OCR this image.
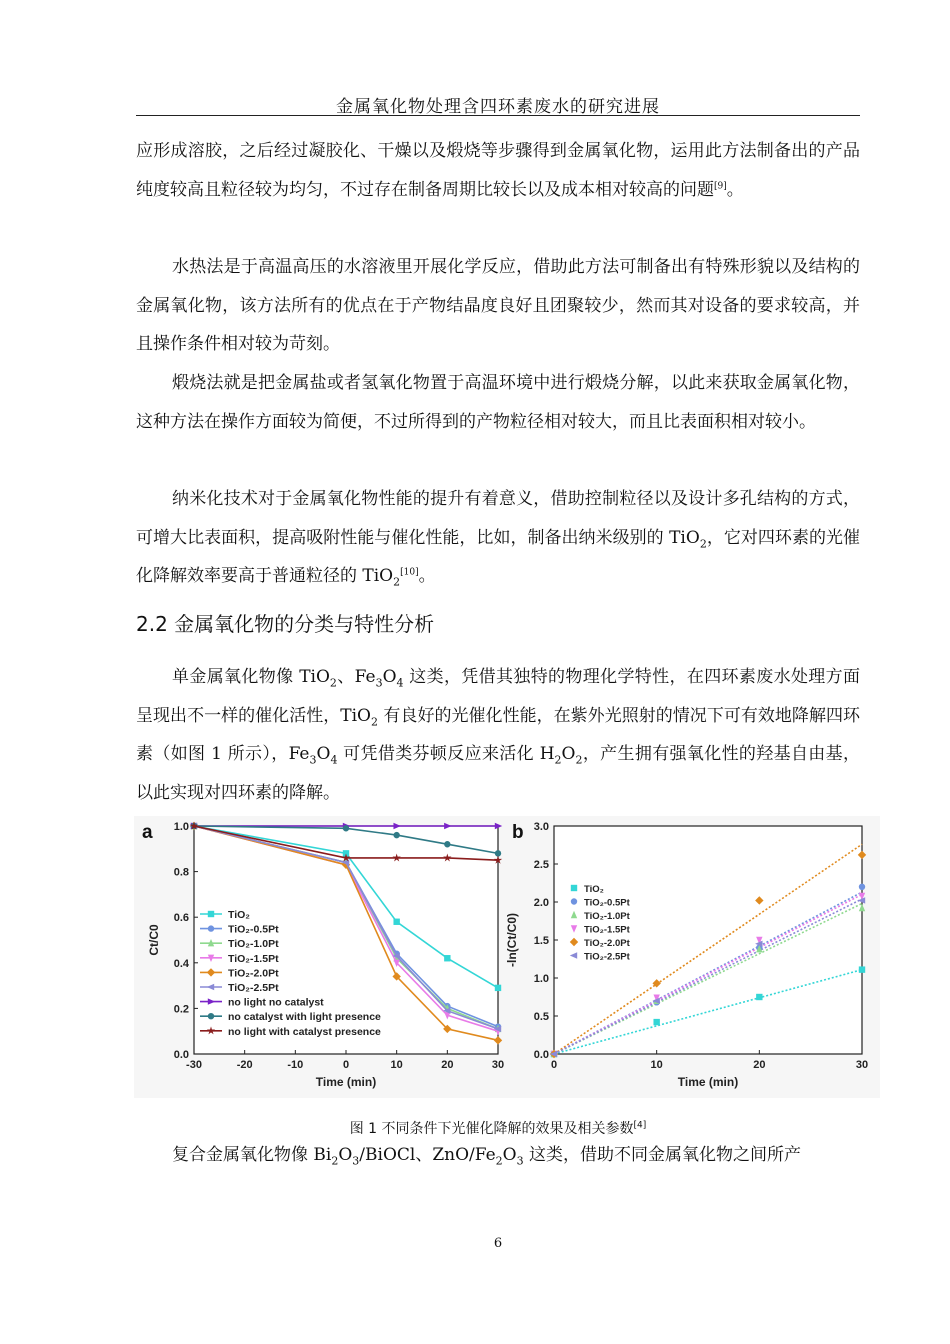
金属氧化物处理含四环素废水的研究进展

应形成溶胶，之后经过凝胶化、干燥以及煅烧等步骤得到金属氧化物，运用此方法制备出的产品纯度较高且粒径较为均匀，不过存在制备周期比较长以及成本相对较高的问题[9]。

水热法是于高温高压的水溶液里开展化学反应，借助此方法可制备出有特殊形貌以及结构的金属氧化物，该方法所有的优点在于产物结晶度良好且团聚较少，然而其对设备的要求较高，并且操作条件相对较为苛刻。

煅烧法就是把金属盐或者氢氧化物置于高温环境中进行煅烧分解，以此来获取金属氧化物，这种方法在操作方面较为简便，不过所得到的产物粒径相对较大，而且比表面积相对较小。

纳米化技术对于金属氧化物性能的提升有着意义，借助控制粒径以及设计多孔结构的方式，可增大比表面积，提高吸附性能与催化性能，比如，制备出纳米级别的 TiO$_2$，它对四环素的光催化降解效率要高于普通粒径的 TiO$_2$[10]。

2.2 金属氧化物的分类与特性分析

单金属氧化物像 TiO$_2$、$Fe_3O_4$ 这类，凭借其独特的物理化学特性，在四环素废水处理方面呈现出不一样的催化活性，TiO$_2$ 有良好的光催化性能，在紫外光照射的情况下可有效地降解四环素（如图 1 所示），$Fe_3O_4$ 可凭借类芬顿反应来活化 $H_2O_2$，产生拥有强氧化性的羟基自由基，以此实现对四环素的降解。

-30	-20	-10	0	10	20	30
0.0
0.2
0.4
0.6
0.8
1.0
Time (min)
Ct/C0
a
TiO₂
TiO₂-0.5Pt
TiO₂-1.0Pt
TiO₂-1.5Pt
TiO₂-2.0Pt
TiO₂-2.5Pt
no light no catalyst
no catalyst with light presence
no light with catalyst presence
0	10	20	30
0.0
0.5
1.0
1.5
2.0
2.5
3.0
Time (min)
-ln(Ct/C0)
b
TiO₂
TiO₂-0.5Pt
TiO₂-1.0Pt
TiO₂-1.5Pt
TiO₂-2.0Pt
TiO₂-2.5Pt
图 1 不同条件下光催化降解的效果及相关参数[4]

复合金属氧化物像 $Bi_2O_3$/BiOCl、ZnO/$Fe_2O_3$ 这类，借助不同金属氧化物之间所产

6
